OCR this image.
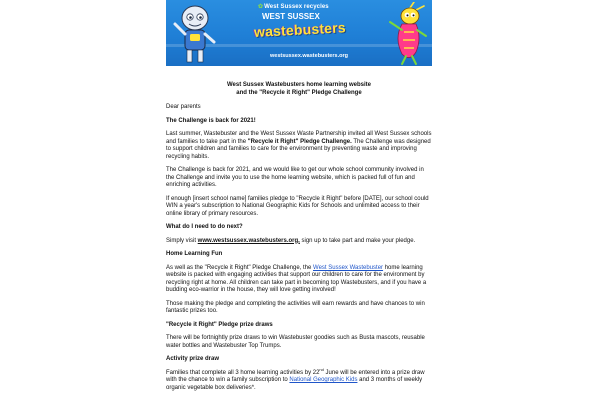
✿West Sussex recycles
WEST SUSSEX
wastebusters
westsussex.wastebusters.org
West Sussex Wastebusters home learning website
and the "Recycle it Right" Pledge Challenge

Dear parents

The Challenge is back for 2021!

Last summer, Wastebuster and the West Sussex Waste Partnership invited all West Sussex schools and families to take part in the "Recycle it Right" Pledge Challenge. The Challenge was designed to support children and families to care for the environment by preventing waste and improving recycling habits.

The Challenge is back for 2021, and we would like to get our whole school community involved in the Challenge and invite you to use the home learning website, which is packed full of fun and enriching activities.

If enough [insert school name] families pledge to "Recycle it Right" before [DATE], our school could WIN a year's subscription to National Geographic Kids for Schools and unlimited access to their online library of primary resources.

What do I need to do next?

Simply visit www.westsussex.wastebusters.org, sign up to take part and make your pledge.

Home Learning Fun

As well as the "Recycle it Right" Pledge Challenge, the West Sussex Wastebuster home learning website is packed with engaging activities that support our children to care for the environment by recycling right at home. All children can take part in becoming top Wastebusters, and if you have a budding eco-warrior in the house, they will love getting involved!

Those making the pledge and completing the activities will earn rewards and have chances to win fantastic prizes too.

"Recycle it Right" Pledge prize draws

There will be fortnightly prize draws to win Wastebuster goodies such as Busta mascots, reusable water bottles and Wastebuster Top Trumps.

Activity prize draw

Families that complete all 3 home learning activities by 22nd June will be entered into a prize draw with the chance to win a family subscription to National Geographic Kids and 3 months of weekly organic vegetable box deliveries*.
